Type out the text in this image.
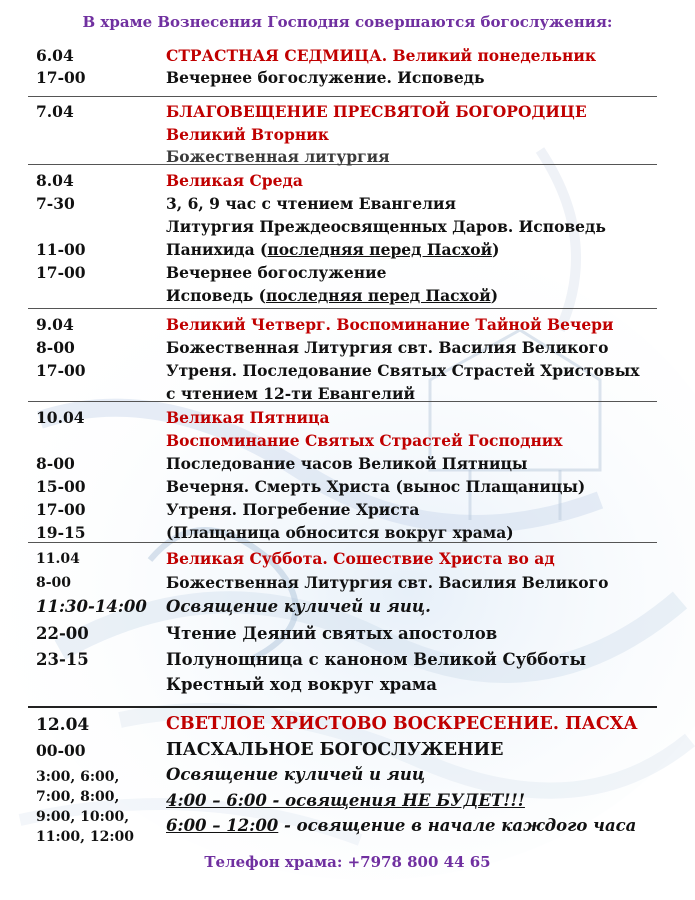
В храме Вознесения Господня совершаются богослужения:
6.04
17-00
СТРАСТНАЯ СЕДМИЦА. Великий понедельник
Вечернее богослужение. Исповедь
7.04	БЛАГОВЕЩЕНИЕ ПРЕСВЯТОЙ БОГОРОДИЦЕ
Великий Вторник
Божественная литургия
8.04
7-30
11-00
17-00
Великая Среда
3, 6, 9 час с чтением Евангелия
Литургия Преждеосвященных Даров. Исповедь
Панихида (последняя перед Пасхой)
Вечернее богослужение
Исповедь (последняя перед Пасхой)
9.04
8-00
17-00
Великий Четверг. Воспоминание Тайной Вечери
Божественная Литургия свт. Василия Великого
Утреня. Последование Святых Страстей Христовых
с чтением 12-ти Евангелий
10.04
8-00
15-00
17-00
19-15
Великая Пятница
Воспоминание Святых Страстей Господних
Последование часов Великой Пятницы
Вечерня. Смерть Христа (вынос Плащаницы)
Утреня. Погребение Христа
(Плащаница обносится вокруг храма)
11.04
8-00
11:30-14:00
22-00
23-15
Великая Суббота. Сошествие Христа во ад
Божественная Литургия свт. Василия Великого
Освящение куличей и яиц.
Чтение Деяний святых апостолов
Полунощница с каноном Великой Субботы
Крестный ход вокруг храма
12.04
00-00
3:00, 6:00,
7:00, 8:00,
9:00, 10:00,
11:00, 12:00
СВЕТЛОЕ ХРИСТОВО ВОСКРЕСЕНИЕ. ПАСХА
ПАСХАЛЬНОЕ БОГОСЛУЖЕНИЕ
Освящение куличей и яиц
4:00 – 6:00 - освящения НЕ БУДЕТ!!!
6:00 – 12:00 - освящение в начале каждого часа
Телефон храма: +7978 800 44 65
